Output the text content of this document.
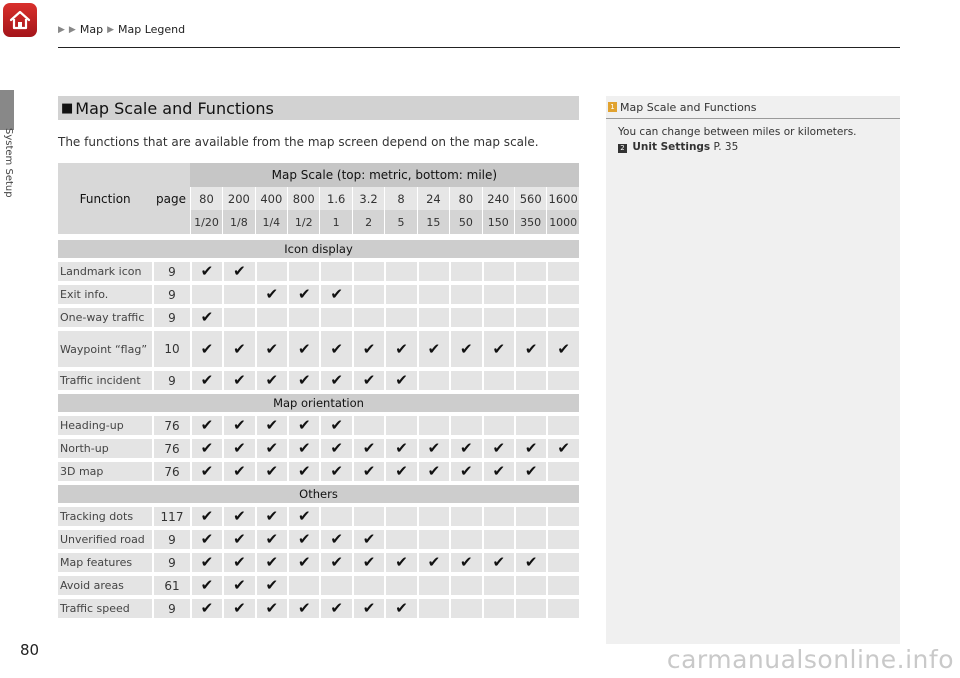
▶ ▶ Map ▶ Map Legend
System Setup
■ Map Scale and Functions
The functions that are available from the map screen depend on the map scale.
Function	page	Map Scale (top: metric, bottom: mile)											
		80	200	400	800	1.6	3.2	8	24	80	240	560	1600
		1/20	1/8	1/4	1/2	1	2	5	15	50	150	350	1000

Icon display													

Landmark icon	9	✔	✔										

Exit info.	9			✔	✔	✔							

One-way traffic	9	✔											

Waypoint “flag”	10	✔	✔	✔	✔	✔	✔	✔	✔	✔	✔	✔	✔

Traffic incident	9	✔	✔	✔	✔	✔	✔	✔					

Map orientation													

Heading-up	76	✔	✔	✔	✔	✔							

North-up	76	✔	✔	✔	✔	✔	✔	✔	✔	✔	✔	✔	✔

3D map	76	✔	✔	✔	✔	✔	✔	✔	✔	✔	✔	✔	

Others													

Tracking dots	117	✔	✔	✔	✔								

Unverified road	9	✔	✔	✔	✔	✔	✔						

Map features	9	✔	✔	✔	✔	✔	✔	✔	✔	✔	✔	✔	

Avoid areas	61	✔	✔	✔									

Traffic speed	9	✔	✔	✔	✔	✔	✔	✔					

1 Map Scale and Functions
You can change between miles or kilometers.
2 Unit Settings P. 35
80	carmanualsonline.info
